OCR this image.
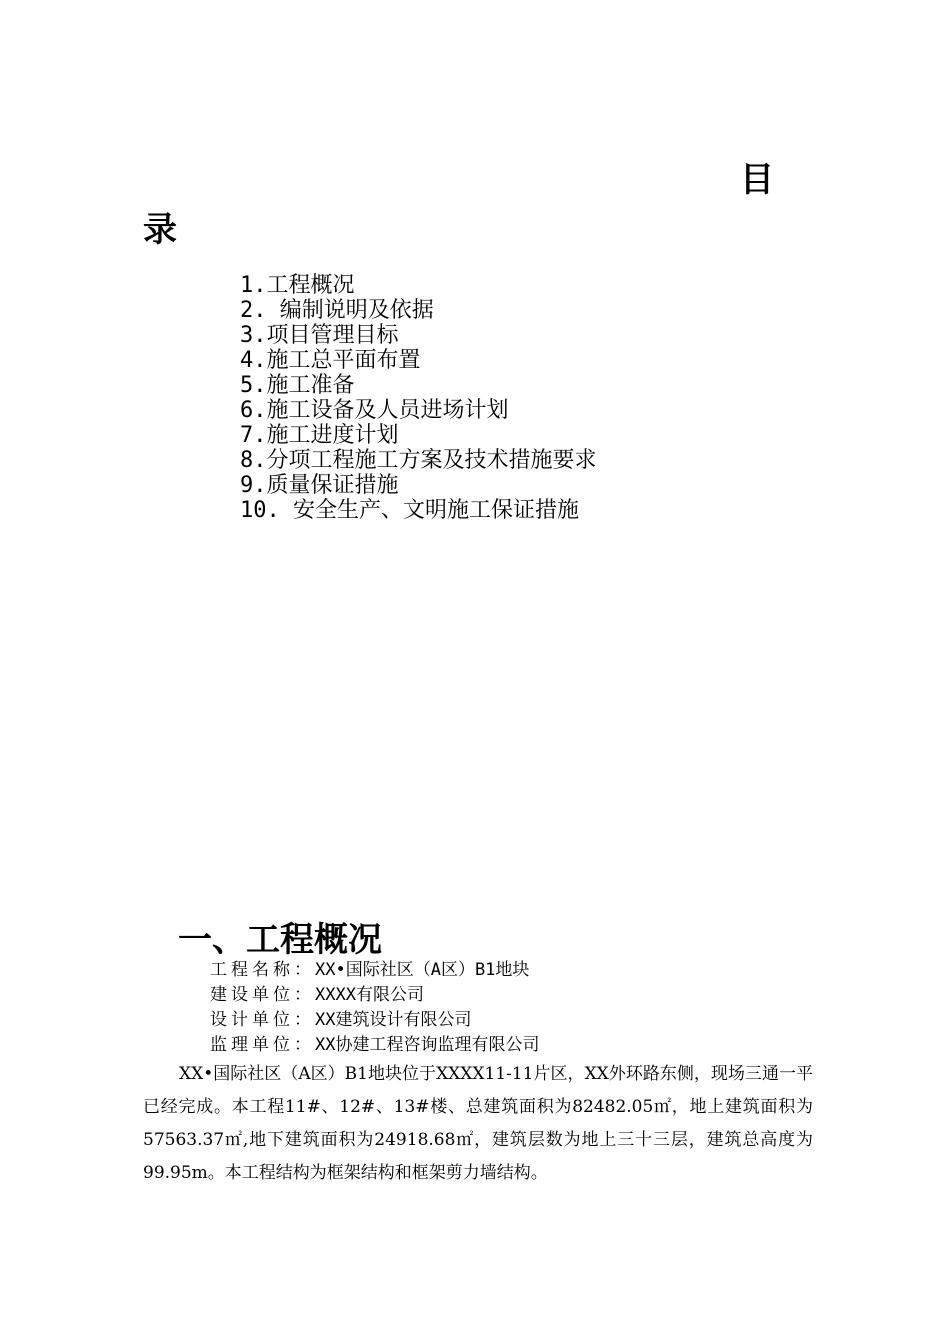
目
录
1.工程概况
2. 编制说明及依据
3.项目管理目标
4.施工总平面布置
5.施工准备
6.施工设备及人员进场计划
7.施工进度计划
8.分项工程施工方案及技术措施要求
9.质量保证措施
10. 安全生产、文明施工保证措施
一、工程概况
工程名称：XX•国际社区（A区）B1地块
建设单位：XXXX有限公司
设计单位：XX建筑设计有限公司
监理单位：XX协建工程咨询监理有限公司

XX•国际社区（A区）B1地块位于XXXX11-11片区，XX外环路东侧，现场三通一平已经完成。本工程11#、12#、13#楼、总建筑面积为82482.05㎡，地上建筑面积为57563.37㎡,地下建筑面积为24918.68㎡，建筑层数为地上三十三层，建筑总高度为99.95m。本工程结构为框架结构和框架剪力墙结构。
